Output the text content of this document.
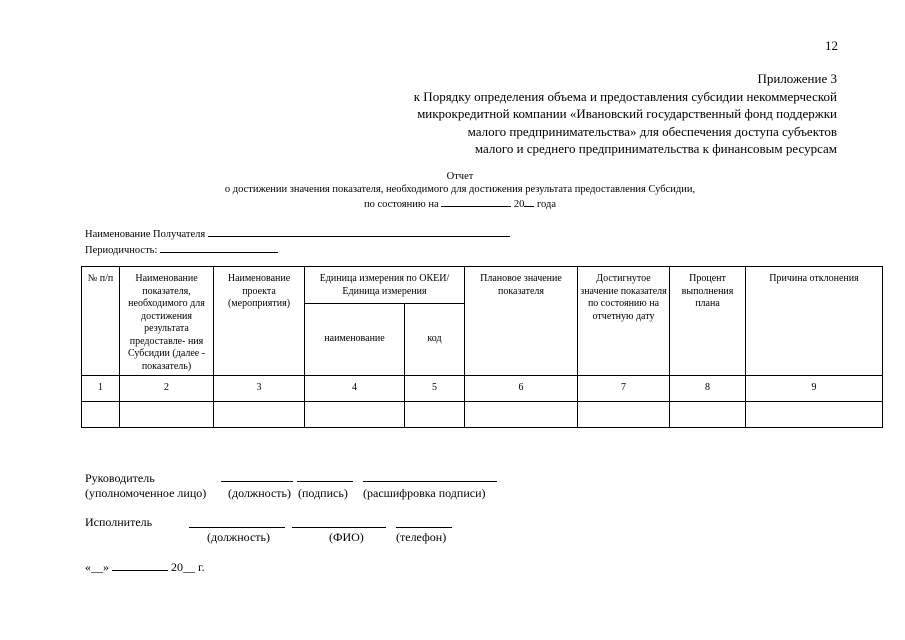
12
Приложение 3
к Порядку определения объема и предоставления субсидии некоммерческой
микрокредитной компании «Ивановский государственный фонд поддержки
малого предпринимательства» для обеспечения доступа субъектов
малого и среднего предпринимательства к финансовым ресурсам
Отчет
о достижении значения показателя, необходимого для достижения результата предоставления Субсидии,
по состоянию на	20 года
Наименование Получателя
Периодичность:
№ п/п	Наименование показателя, необходимого для достижения результата предоставле- ния Субсидии (далее - показатель)	Наименование проекта (мероприятия)	Единица измерения по ОКЕИ/Единица измерения		Плановое значение показателя	Достигнутое значение показателя по состоянию на отчетную дату	Процент выполнения плана	Причина отклонения
			наименование	код				
1	2	3	4	5	6	7	8	9

Руководитель
(уполномоченное лицо) (должность) (подпись) (расшифровка подписи)
Исполнитель
(должность)	(ФИО)	(телефон)
«__»	20__ г.
